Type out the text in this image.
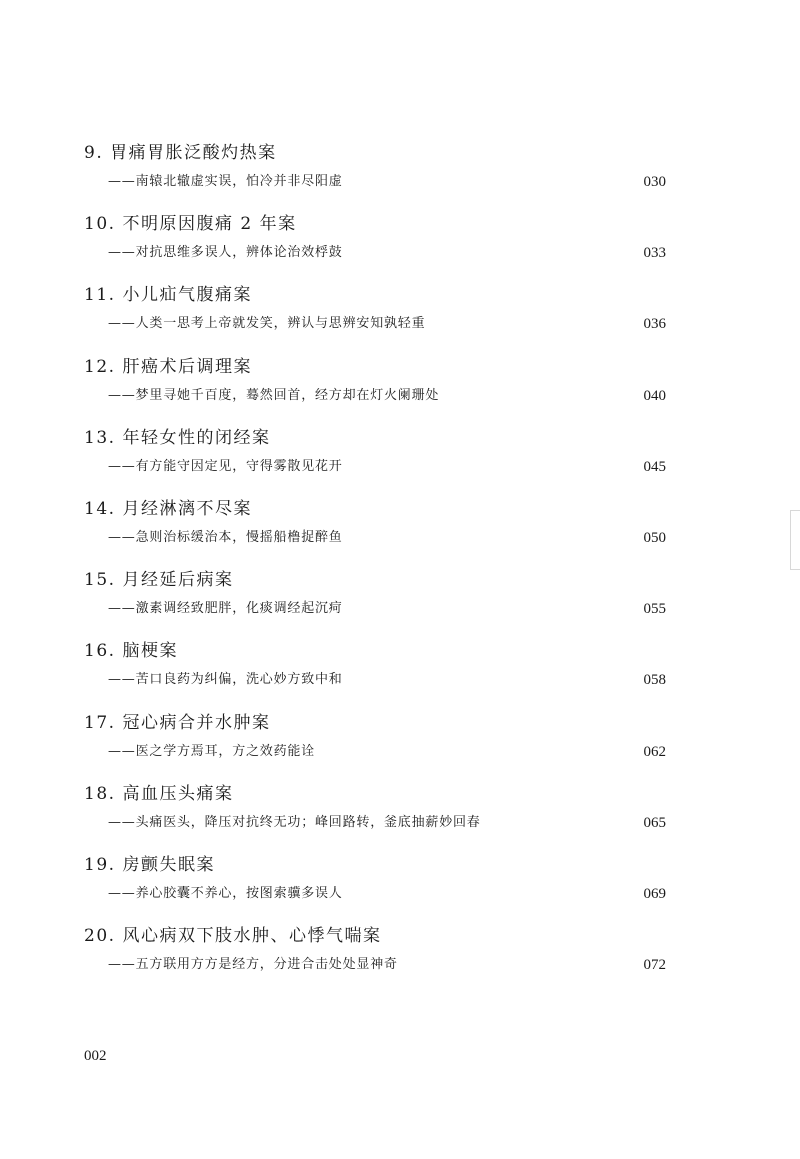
9. 胃痛胃胀泛酸灼热案
——南辕北辙虚实误，怕冷并非尽阳虚	030
10. 不明原因腹痛 2 年案
——对抗思维多误人，辨体论治效桴鼓	033
11. 小儿疝气腹痛案
——人类一思考上帝就发笑，辨认与思辨安知孰轻重	036
12. 肝癌术后调理案
——梦里寻她千百度，蓦然回首，经方却在灯火阑珊处	040
13. 年轻女性的闭经案
——有方能守因定见，守得雾散见花开	045
14. 月经淋漓不尽案
——急则治标缓治本，慢摇船橹捉醉鱼	050
15. 月经延后病案
——激素调经致肥胖，化痰调经起沉疴	055
16. 脑梗案
——苦口良药为纠偏，洗心妙方致中和	058
17. 冠心病合并水肿案
——医之学方焉耳，方之效药能诠	062
18. 高血压头痛案
——头痛医头，降压对抗终无功；峰回路转，釜底抽薪妙回春	065
19. 房颤失眠案
——养心胶囊不养心，按图索骥多误人	069
20. 风心病双下肢水肿、心悸气喘案
——五方联用方方是经方，分进合击处处显神奇	072
002
